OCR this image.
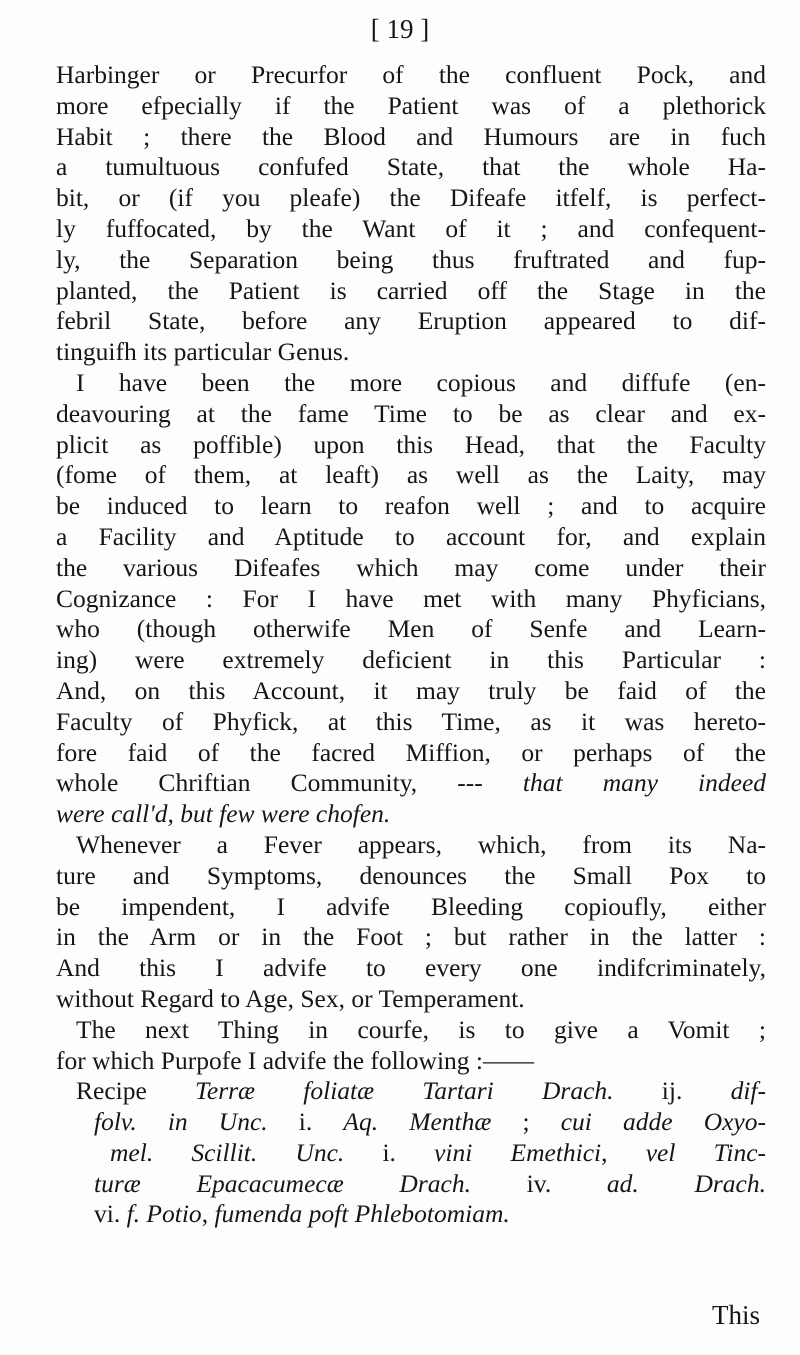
[ 19 ]
Harbinger or Precurfor of the confluent Pock, and
more efpecially if the Patient was of a plethorick
Habit ; there the Blood and Humours are in fuch
a tumultuous confufed State, that the whole Ha-
bit, or (if you pleafe) the Difeafe itfelf, is perfect-
ly fuffocated, by the Want of it ; and confequent-
ly, the Separation being thus fruftrated and fup-
planted, the Patient is carried off the Stage in the
febril State, before any Eruption appeared to dif-
tinguifh its particular Genus.
I have been the more copious and diffufe (en-
deavouring at the fame Time to be as clear and ex-
plicit as poffible) upon this Head, that the Faculty
(fome of them, at leaft) as well as the Laity, may
be induced to learn to reafon well ; and to acquire
a Facility and Aptitude to account for, and explain
the various Difeafes which may come under their
Cognizance : For I have met with many Phyficians,
who (though otherwife Men of Senfe and Learn-
ing) were extremely deficient in this Particular :
And, on this Account, it may truly be faid of the
Faculty of Phyfick, at this Time, as it was hereto-
fore faid of the facred Miffion, or perhaps of the
whole Chriftian Community, --- that many indeed
were call'd, but few were chofen.
Whenever a Fever appears, which, from its Na-
ture and Symptoms, denounces the Small Pox to
be impendent, I advife Bleeding copioufly, either
in the Arm or in the Foot ; but rather in the latter :
And this I advife to every one indifcriminately,
without Regard to Age, Sex, or Temperament.
The next Thing in courfe, is to give a Vomit ;
for which Purpofe I advife the following :——
Recipe Terræ foliatæ Tartari Drach. ij. dif-
folv. in Unc. i. Aq. Menthæ ; cui adde Oxyo-
mel. Scillit. Unc. i. vini Emethici, vel Tinc-
turæ Epacacumecæ Drach. iv. ad. Drach.
vi. f. Potio, fumenda poft Phlebotomiam.
This
